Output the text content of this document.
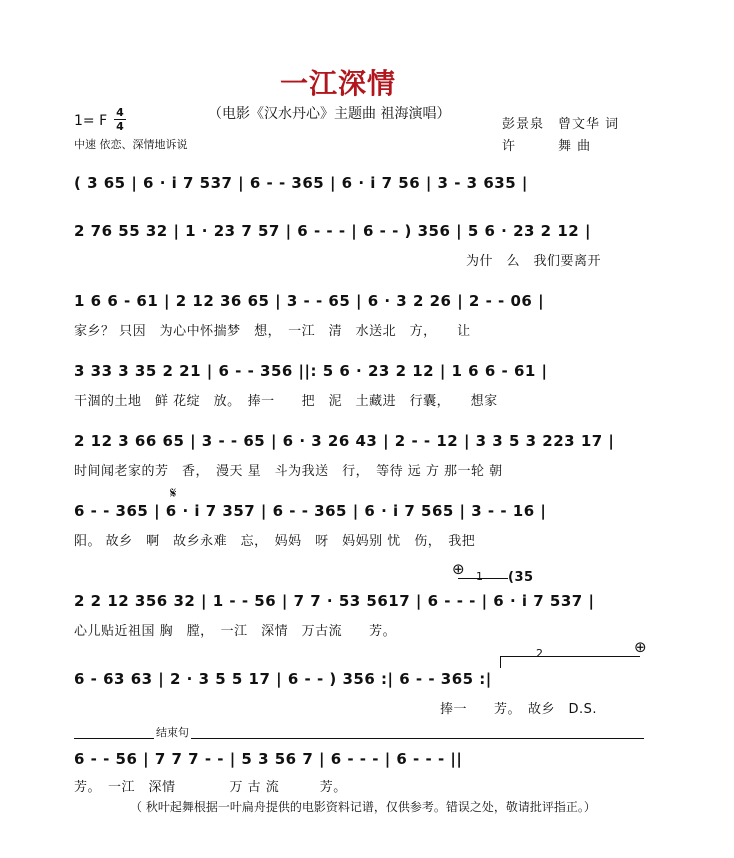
一江深情
（电影《汉水丹心》主题曲 祖海演唱）
1= F
4
4
中速 依恋、深情地诉说
彭景泉　曾文华 词
许　　　舞 曲
( 3 65 | 6 · i 7 537 | 6 - - 365 | 6 · i 7 56 | 3 - 3 635 |
2 76 55 32 | 1 · 23 7 57 | 6 - - - | 6 - - ) 356 | 5 6 · 23 2 12 |
为什　么　我们要离开
1 6 6 - 61 | 2 12 36 65 | 3 - - 65 | 6 · 3 2 26 | 2 - - 06 |
家乡？ 只因　为心中怀揣梦　想，　一江　清　水送北　方，　　让
3 33 3 35 2 21 | 6 - - 356 ||: 5 6 · 23 2 12 | 1 6 6 - 61 |
干涸的土地　鲜 花绽　放。　捧一　　把　泥　土藏进　行囊，　　想家
2 12 3 66 65 | 3 - - 65 | 6 · 3 26 43 | 2 - - 12 | 3 3 5 3 223 17 |
时间闻老家的芳　香，　漫天 星　斗为我送　行，　等待 远 方 那一轮 朝
𝄋
6 - - 365 | 6 · i 7 357 | 6 - - 365 | 6 · i 7 565 | 3 - - 16 |
阳。 故乡　啊　故乡永难　忘，　妈妈　呀　妈妈别 忧　伤，　我把
⊕ 1 (35
2 2 12 356 32 | 1 - - 56 | 7 7 · 53 5617 | 6 - - - | 6 · i 7 537 |
心儿贴近祖国 胸　膛，　一江　深情　万古流　　芳。
⊕
2
6 - 63 63 | 2 · 3 5 5 17 | 6 - - ) 356 :| 6 - - 365 :|
捧一　　芳。　故乡　D.S.
结束句
6 - - 56 | 7 7 7 - - | 5 3 56 7 | 6 - - - | 6 - - - ||
芳。　一江　深情　　　　万 古 流　　　芳。
（ 秋叶起舞根据一叶扁舟提供的电影资料记谱，仅供参考。错误之处，敬请批评指正。）
